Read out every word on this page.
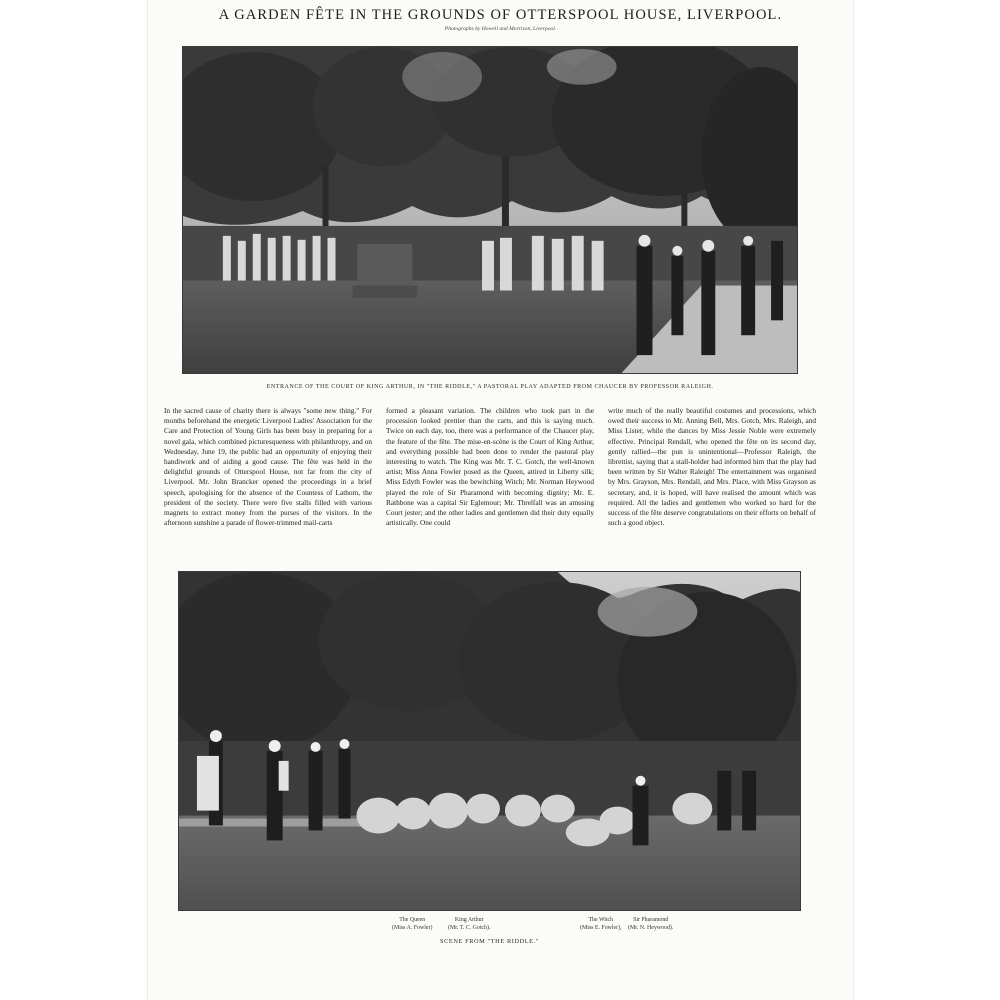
A GARDEN FÊTE IN THE GROUNDS OF OTTERSPOOL HOUSE, LIVERPOOL.
Photographs by Howell and Morrison, Liverpool.
ENTRANCE OF THE COURT OF KING ARTHUR, IN "THE RIDDLE," A PASTORAL PLAY ADAPTED FROM CHAUCER BY PROFESSOR RALEIGH.
In the sacred cause of charity there is always "some new thing." For months beforehand the energetic Liverpool Ladies' Association for the Care and Protection of Young Girls has been busy in preparing for a novel gala, which combined picturesqueness with philanthropy, and on Wednesday, June 19, the public had an opportunity of enjoying their handiwork and of aiding a good cause. The fête was held in the delightful grounds of Otterspool House, not far from the city of Liverpool. Mr. John Brancker opened the proceedings in a brief speech, apologising for the absence of the Countess of Lathom, the president of the society. There were five stalls filled with various magnets to extract money from the purses of the visitors. In the afternoon sunshine a parade of flower-trimmed mail-carts
formed a pleasant variation. The children who took part in the procession looked prettier than the carts, and this is saying much. Twice on each day, too, there was a performance of the Chaucer play, the feature of the fête. The mise-en-scène is the Court of King Arthur, and everything possible had been done to render the pastoral play interesting to watch. The King was Mr. T. C. Gotch, the well-known artist; Miss Anna Fowler posed as the Queen, attired in Liberty silk; Miss Edyth Fowler was the bewitching Witch; Mr. Norman Heywood played the role of Sir Pharamond with becoming dignity; Mr. E. Rathbone was a capital Sir Eglemour; Mr. Threlfall was an amusing Court jester; and the other ladies and gentlemen did their duty equally artistically. One could
write much of the really beautiful costumes and processions, which owed their success to Mr. Anning Bell, Mrs. Gotch, Mrs. Raleigh, and Miss Lister, while the dances by Miss Jessie Noble were extremely effective. Principal Rendall, who opened the fête on its second day, gently rallied—the pun is unintentional—Professor Raleigh, the librettist, saying that a stall-holder had informed him that the play had been written by Sir Walter Raleigh! The entertainment was organised by Mrs. Grayson, Mrs. Rendall, and Mrs. Place, with Miss Grayson as secretary, and, it is hoped, will have realised the amount which was required. All the ladies and gentlemen who worked so hard for the success of the fête deserve congratulations on their efforts on behalf of such a good object.
The Queen
(Miss A. Fowler)
King Arthur
(Mr. T. C. Gotch).
The Witch
(Miss E. Fowler),
Sir Pharamond
(Mr. N. Heywood).
SCENE FROM "THE RIDDLE."
